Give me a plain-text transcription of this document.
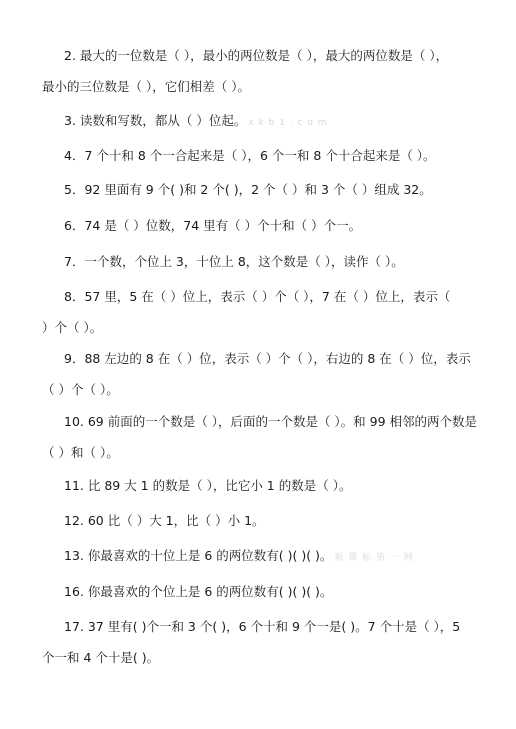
2. 最大的一位数是（ ），最小的两位数是（ ），最大的两位数是（ ），
最小的三位数是（ ），它们相差（ ）。
3. 读数和写数，都从（ ）位起。 x k b 1 . c o m
4．7 个十和 8 个一合起来是（ ），6 个一和 8 个十合起来是（ ）。
5．92 里面有 9 个( )和 2 个( )，2 个（ ）和 3 个（ ）组成 32。
6．74 是（ ）位数，74 里有（ ）个十和（ ）个一。
7．一个数，个位上 3，十位上 8，这个数是（ ），读作（ ）。
8．57 里，5 在（ ）位上，表示（ ）个（ ），7 在（ ）位上，表示（
）个（ ）。
9．88 左边的 8 在（ ）位，表示（ ）个（ ），右边的 8 在（ ）位，表示
（ ）个（ ）。
10. 69 前面的一个数是（ ），后面的一个数是（ ）。和 99 相邻的两个数是
（ ）和（ ）。
11. 比 89 大 1 的数是（ ），比它小 1 的数是（ ）。
12. 60 比（ ）大 1，比（ ）小 1。
13. 你最喜欢的十位上是 6 的两位数有( )( )( )。 新 课 标 第 一 网
16. 你最喜欢的个位上是 6 的两位数有( )( )( )。
17. 37 里有( )个一和 3 个( )，6 个十和 9 个一是( )。7 个十是（ ），5
个一和 4 个十是( )。
